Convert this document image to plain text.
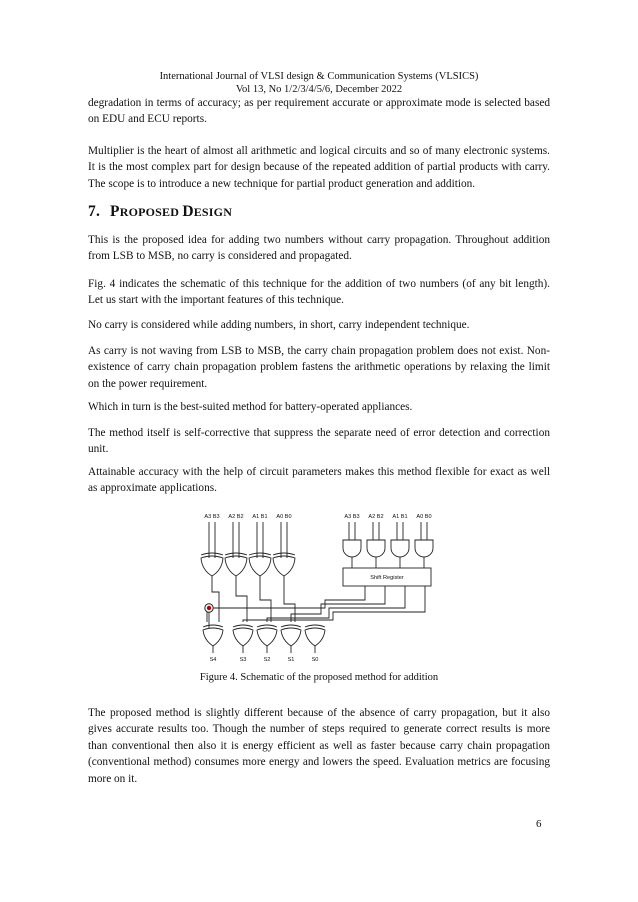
International Journal of VLSI design & Communication Systems (VLSICS)
Vol 13, No 1/2/3/4/5/6, December 2022

degradation in terms of accuracy; as per requirement accurate or approximate mode is selected based on EDU and ECU reports.

Multiplier is the heart of almost all arithmetic and logical circuits and so of many electronic systems. It is the most complex part for design because of the repeated addition of partial products with carry. The scope is to introduce a new technique for partial product generation and addition.

7. PROPOSED DESIGN

This is the proposed idea for adding two numbers without carry propagation. Throughout addition from LSB to MSB, no carry is considered and propagated.

Fig. 4 indicates the schematic of this technique for the addition of two numbers (of any bit length). Let us start with the important features of this technique.

No carry is considered while adding numbers, in short, carry independent technique.

As carry is not waving from LSB to MSB, the carry chain propagation problem does not exist. Non-existence of carry chain propagation problem fastens the arithmetic operations by relaxing the limit on the power requirement.

Which in turn is the best-suited method for battery-operated appliances.

The method itself is self-corrective that suppress the separate need of error detection and correction unit.

Attainable accuracy with the help of circuit parameters makes this method flexible for exact as well as approximate applications.

A3 B3 A2 B2 A1 B1 A0 B0	A3 B3 A2 B2 A1 B1 A0 B0
Shift Register
S4	S3	S2	S1	S0
Figure 4. Schematic of the proposed method for addition

The proposed method is slightly different because of the absence of carry propagation, but it also gives accurate results too. Though the number of steps required to generate correct results is more than conventional then also it is energy efficient as well as faster because carry chain propagation (conventional method) consumes more energy and lowers the speed. Evaluation metrics are focusing more on it.

6
